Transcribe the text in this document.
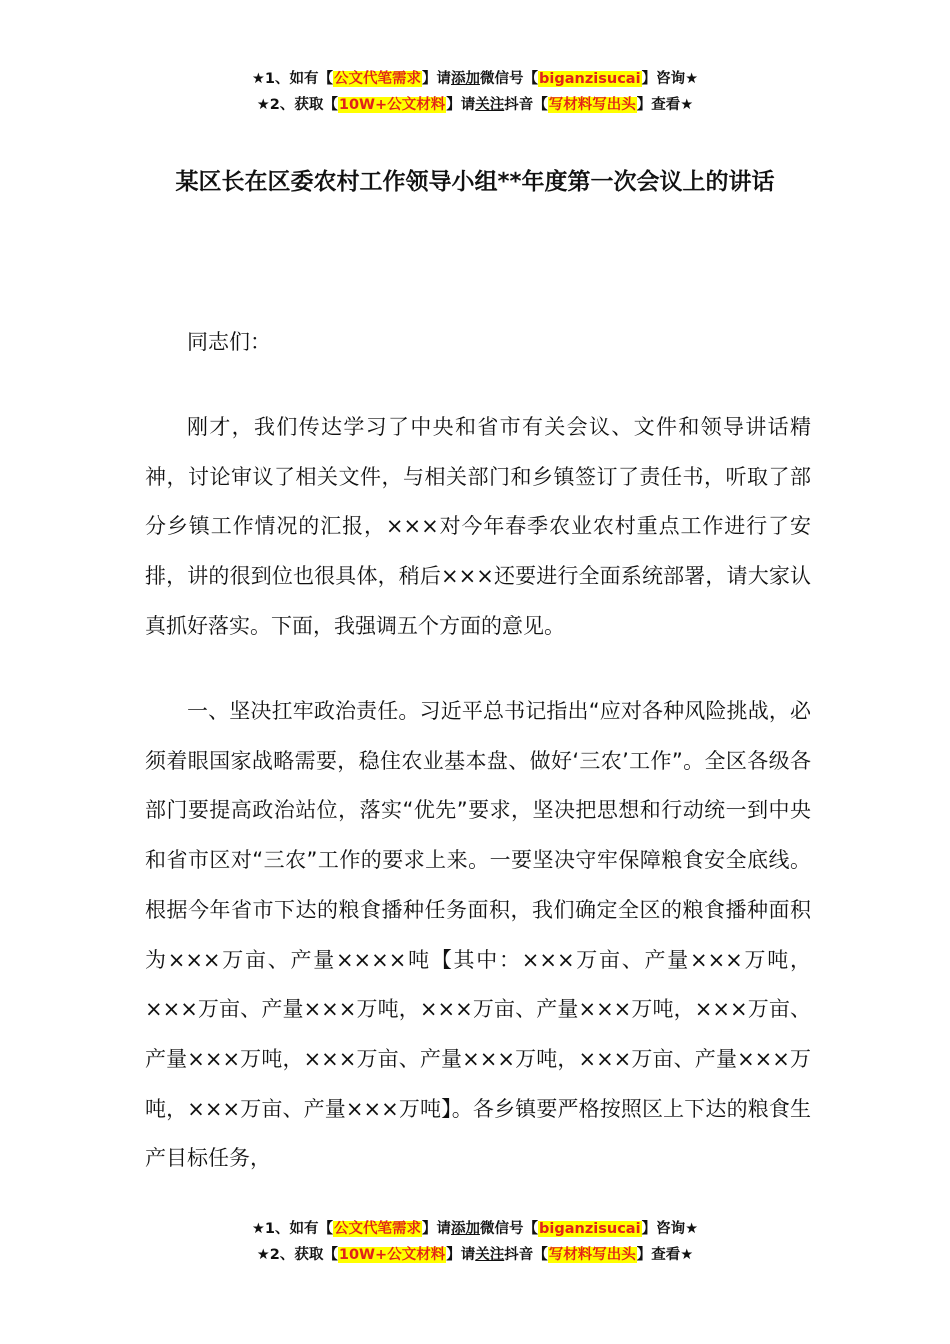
★1、如有【公文代笔需求】请添加微信号【biganzisucai】咨询★
★2、获取【10W+公文材料】请关注抖音【写材料写出头】查看★
某区长在区委农村工作领导小组**年度第一次会议上的讲话

同志们：

刚才，我们传达学习了中央和省市有关会议、文件和领导讲话精神，讨论审议了相关文件，与相关部门和乡镇签订了责任书，听取了部分乡镇工作情况的汇报，×××对今年春季农业农村重点工作进行了安排，讲的很到位也很具体，稍后×××还要进行全面系统部署，请大家认真抓好落实。下面，我强调五个方面的意见。

一、坚决扛牢政治责任。习近平总书记指出“应对各种风险挑战，必须着眼国家战略需要，稳住农业基本盘、做好‘三农’工作”。全区各级各部门要提高政治站位，落实“优先”要求，坚决把思想和行动统一到中央和省市区对“三农”工作的要求上来。一要坚决守牢保障粮食安全底线。根据今年省市下达的粮食播种任务面积，我们确定全区的粮食播种面积为×××万亩、产量××××吨【其中：×××万亩、产量×××万吨，×××万亩、产量×××万吨，×××万亩、产量×××万吨，×××万亩、产量×××万吨，×××万亩、产量×××万吨，×××万亩、产量×××万吨，×××万亩、产量×××万吨】。各乡镇要严格按照区上下达的粮食生产目标任务，

★1、如有【公文代笔需求】请添加微信号【biganzisucai】咨询★
★2、获取【10W+公文材料】请关注抖音【写材料写出头】查看★
